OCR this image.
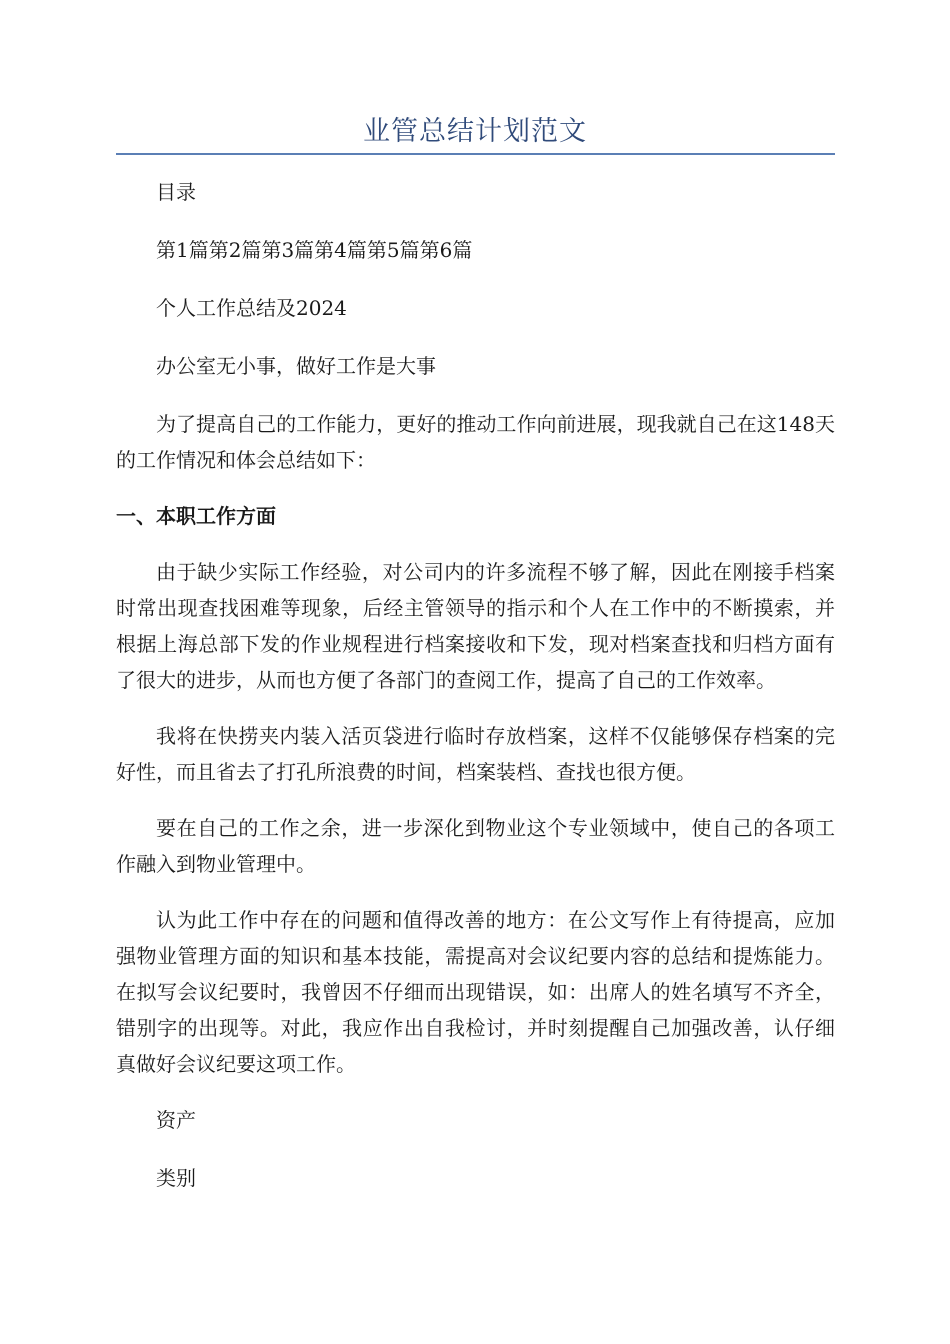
业管总结计划范文

目录

第1篇第2篇第3篇第4篇第5篇第6篇

个人工作总结及2024

办公室无小事，做好工作是大事

为了提高自己的工作能力，更好的推动工作向前进展，现我就自己在这148天的工作情况和体会总结如下：

一、本职工作方面

由于缺少实际工作经验，对公司内的许多流程不够了解，因此在刚接手档案时常出现查找困难等现象，后经主管领导的指示和个人在工作中的不断摸索，并根据上海总部下发的作业规程进行档案接收和下发，现对档案查找和归档方面有了很大的进步，从而也方便了各部门的查阅工作，提高了自己的工作效率。

我将在快捞夹内装入活页袋进行临时存放档案，这样不仅能够保存档案的完好性，而且省去了打孔所浪费的时间，档案装档、查找也很方便。

要在自己的工作之余，进一步深化到物业这个专业领域中，使自己的各项工作融入到物业管理中。

认为此工作中存在的问题和值得改善的地方：在公文写作上有待提高，应加强物业管理方面的知识和基本技能，需提高对会议纪要内容的总结和提炼能力。在拟写会议纪要时，我曾因不仔细而出现错误，如：出席人的姓名填写不齐全，错别字的出现等。对此，我应作出自我检讨，并时刻提醒自己加强改善，认仔细真做好会议纪要这项工作。

资产

类别
